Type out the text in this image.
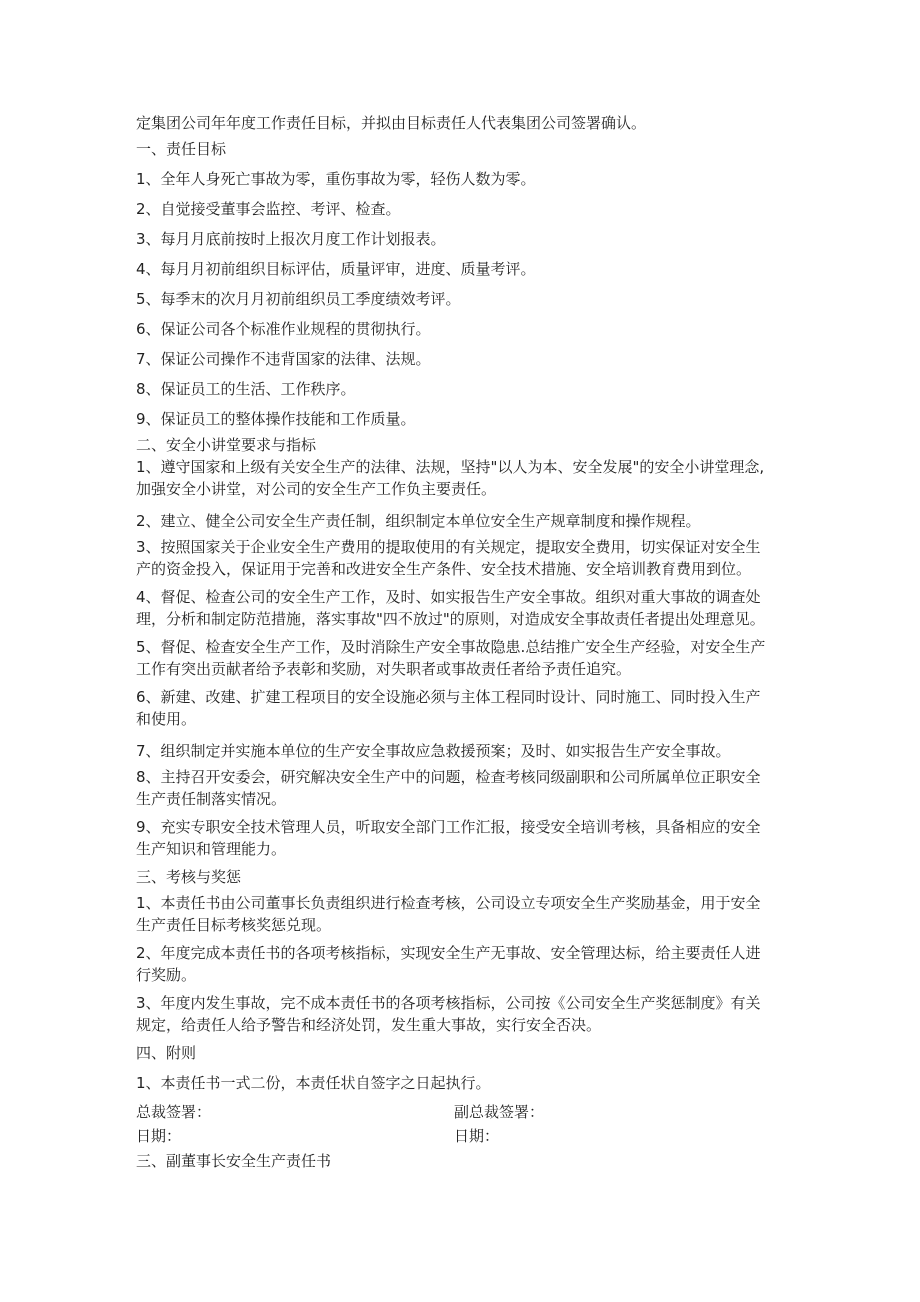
定集团公司年年度工作责任目标，并拟由目标责任人代表集团公司签署确认。
一、责任目标
1、全年人身死亡事故为零，重伤事故为零，轻伤人数为零。
2、自觉接受董事会监控、考评、检查。
3、每月月底前按时上报次月度工作计划报表。
4、每月月初前组织目标评估，质量评审，进度、质量考评。
5、每季末的次月月初前组织员工季度绩效考评。
6、保证公司各个标准作业规程的贯彻执行。
7、保证公司操作不违背国家的法律、法规。
8、保证员工的生活、工作秩序。
9、保证员工的整体操作技能和工作质量。
二、安全小讲堂要求与指标
1、遵守国家和上级有关安全生产的法律、法规，坚持"以人为本、安全发展"的安全小讲堂理念,
加强安全小讲堂，对公司的安全生产工作负主要责任。
2、建立、健全公司安全生产责任制，组织制定本单位安全生产规章制度和操作规程。
3、按照国家关于企业安全生产费用的提取使用的有关规定，提取安全费用，切实保证对安全生
产的资金投入，保证用于完善和改进安全生产条件、安全技术措施、安全培训教育费用到位。
4、督促、检查公司的安全生产工作，及时、如实报告生产安全事故。组织对重大事故的调查处
理，分析和制定防范措施，落实事故"四不放过"的原则，对造成安全事故责任者提出处理意见。
5、督促、检查安全生产工作，及时消除生产安全事故隐患.总结推广安全生产经验，对安全生产
工作有突出贡献者给予表彰和奖励，对失职者或事故责任者给予责任追究。
6、新建、改建、扩建工程项目的安全设施必须与主体工程同时设计、同时施工、同时投入生产
和使用。
7、组织制定并实施本单位的生产安全事故应急救援预案；及时、如实报告生产安全事故。
8、主持召开安委会，研究解决安全生产中的问题，检查考核同级副职和公司所属单位正职安全
生产责任制落实情况。
9、充实专职安全技术管理人员，听取安全部门工作汇报，接受安全培训考核，具备相应的安全
生产知识和管理能力。
三、考核与奖惩
1、本责任书由公司董事长负责组织进行检查考核，公司设立专项安全生产奖励基金，用于安全
生产责任目标考核奖惩兑现。
2、年度完成本责任书的各项考核指标，实现安全生产无事故、安全管理达标，给主要责任人进
行奖励。
3、年度内发生事故，完不成本责任书的各项考核指标，公司按《公司安全生产奖惩制度》有关
规定，给责任人给予警告和经济处罚，发生重大事故，实行安全否决。
四、附则
1、本责任书一式二份，本责任状自签字之日起执行。
总裁签署：	副总裁签署：
日期：	日期：
三、副董事长安全生产责任书
